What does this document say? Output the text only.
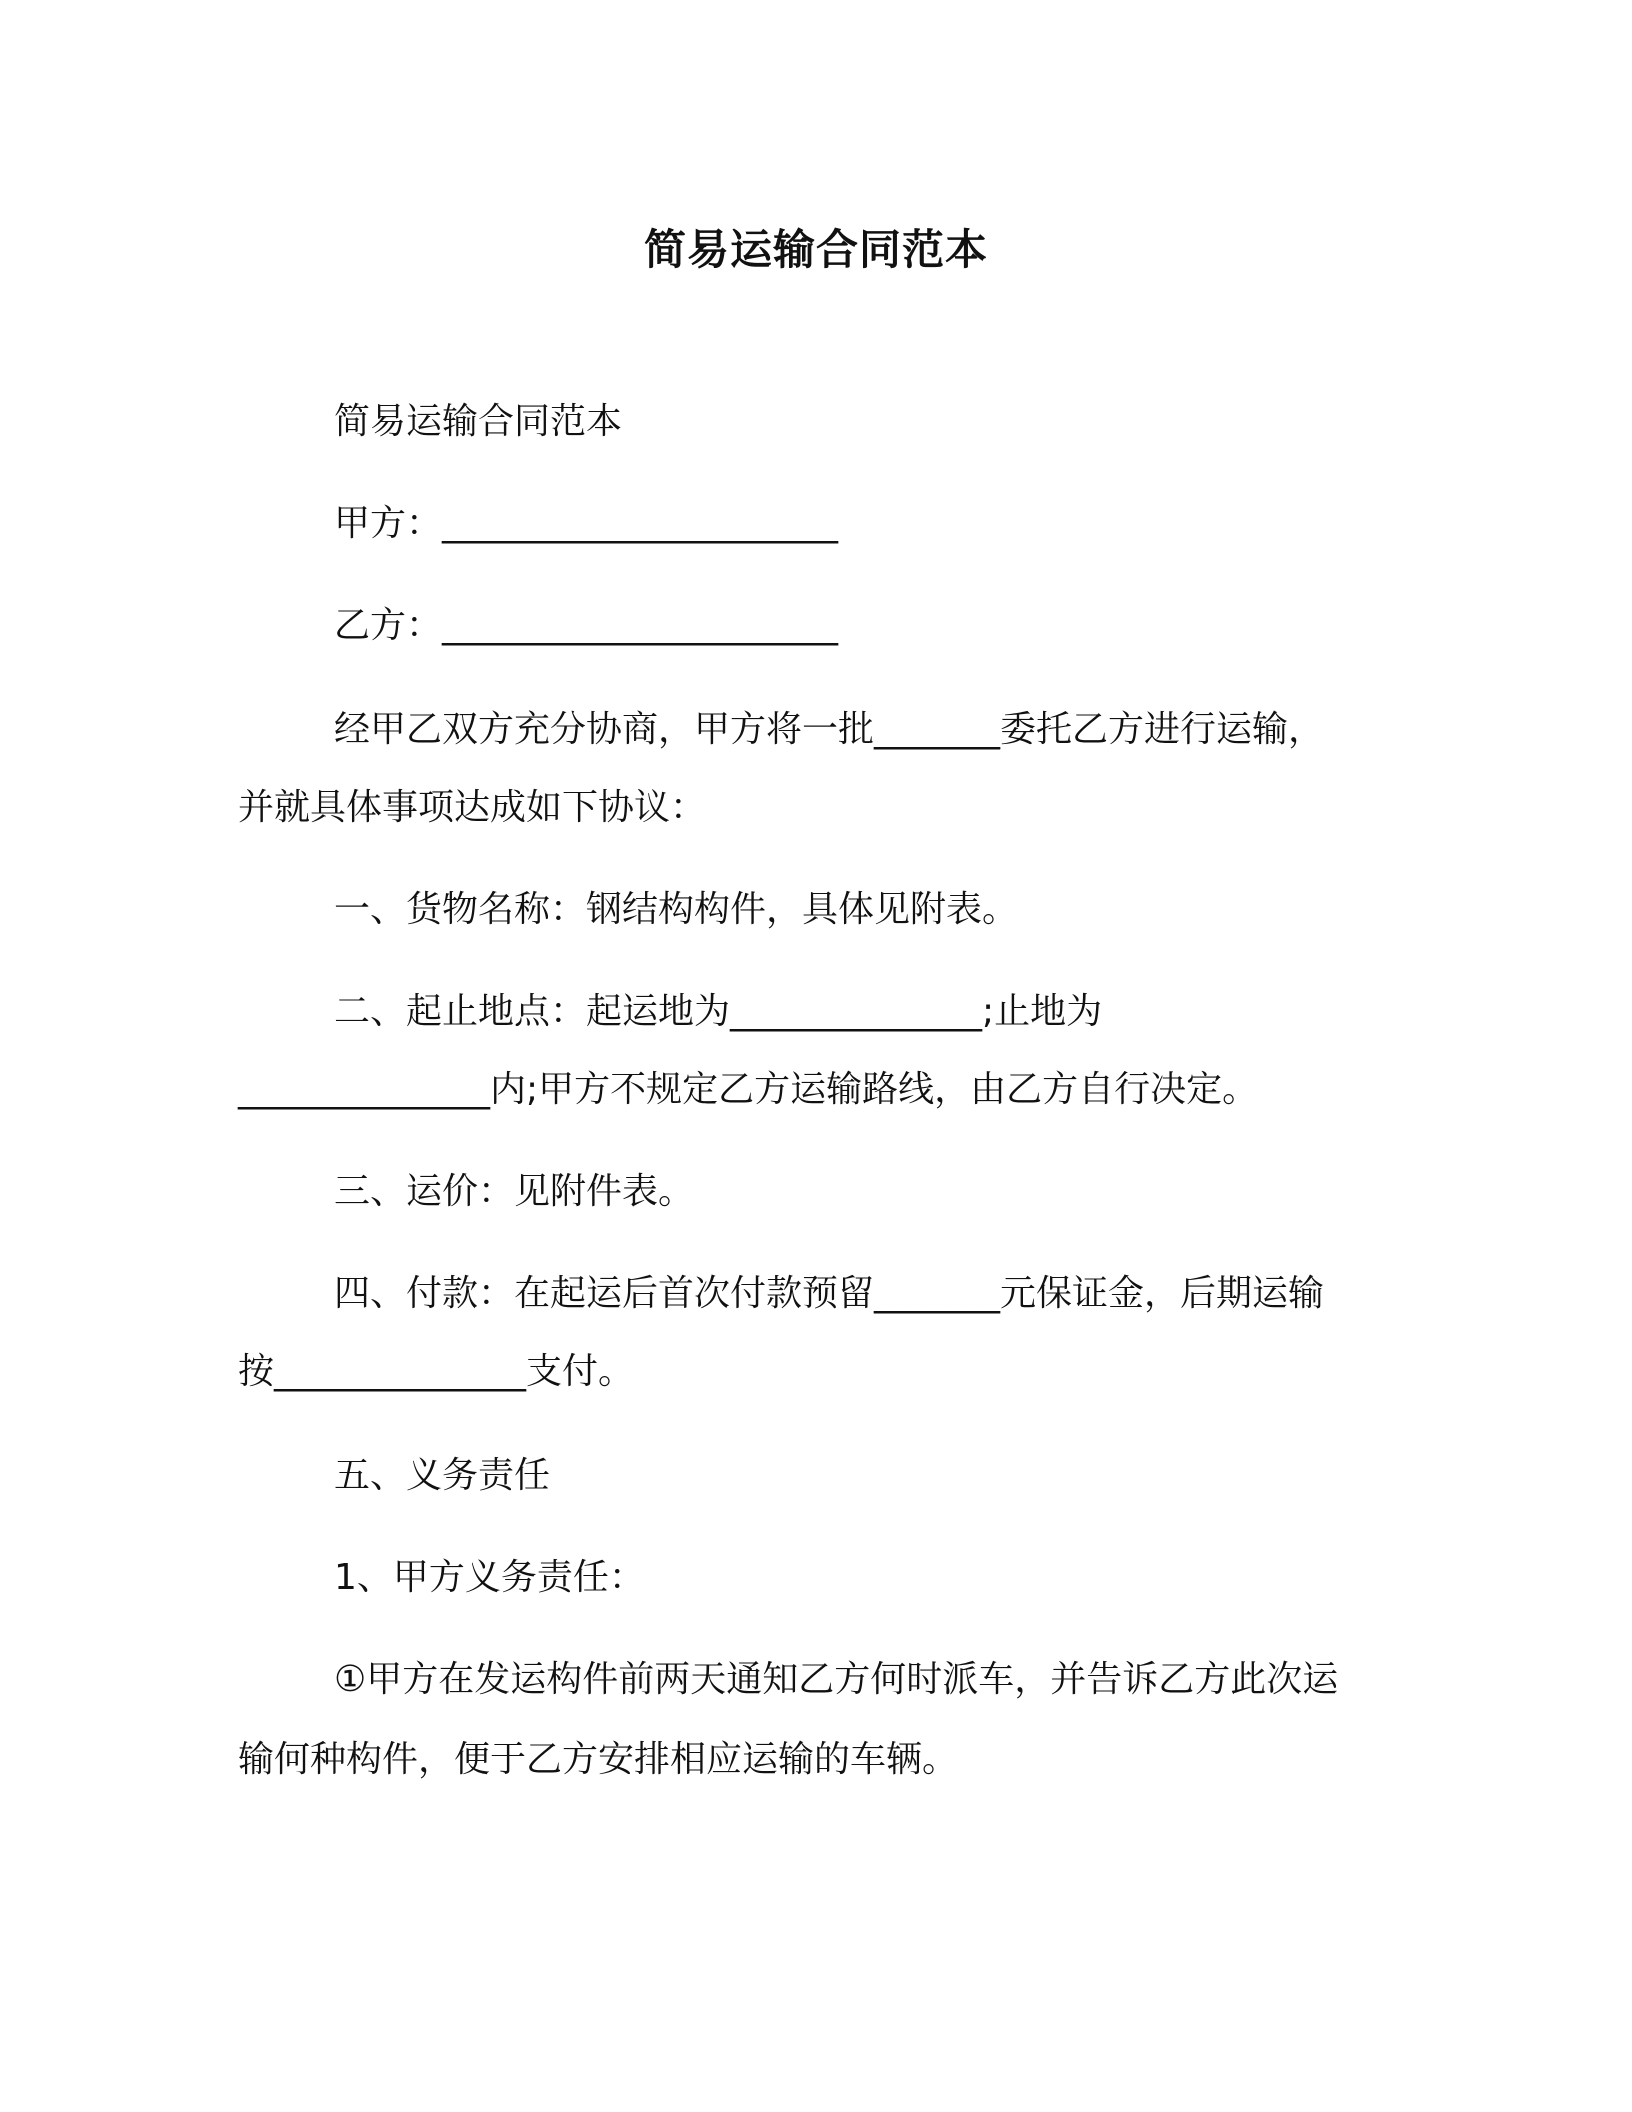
简易运输合同范本

简易运输合同范本

甲方：______________________

乙方：______________________

经甲乙双方充分协商，甲方将一批_______委托乙方进行运输，

并就具体事项达成如下协议：

一、货物名称：钢结构构件，具体见附表。

二、起止地点：起运地为______________;止地为

______________内;甲方不规定乙方运输路线，由乙方自行决定。

三、运价：见附件表。

四、付款：在起运后首次付款预留_______元保证金，后期运输

按______________支付。

五、义务责任

1、甲方义务责任：

①甲方在发运构件前两天通知乙方何时派车，并告诉乙方此次运

输何种构件，便于乙方安排相应运输的车辆。
